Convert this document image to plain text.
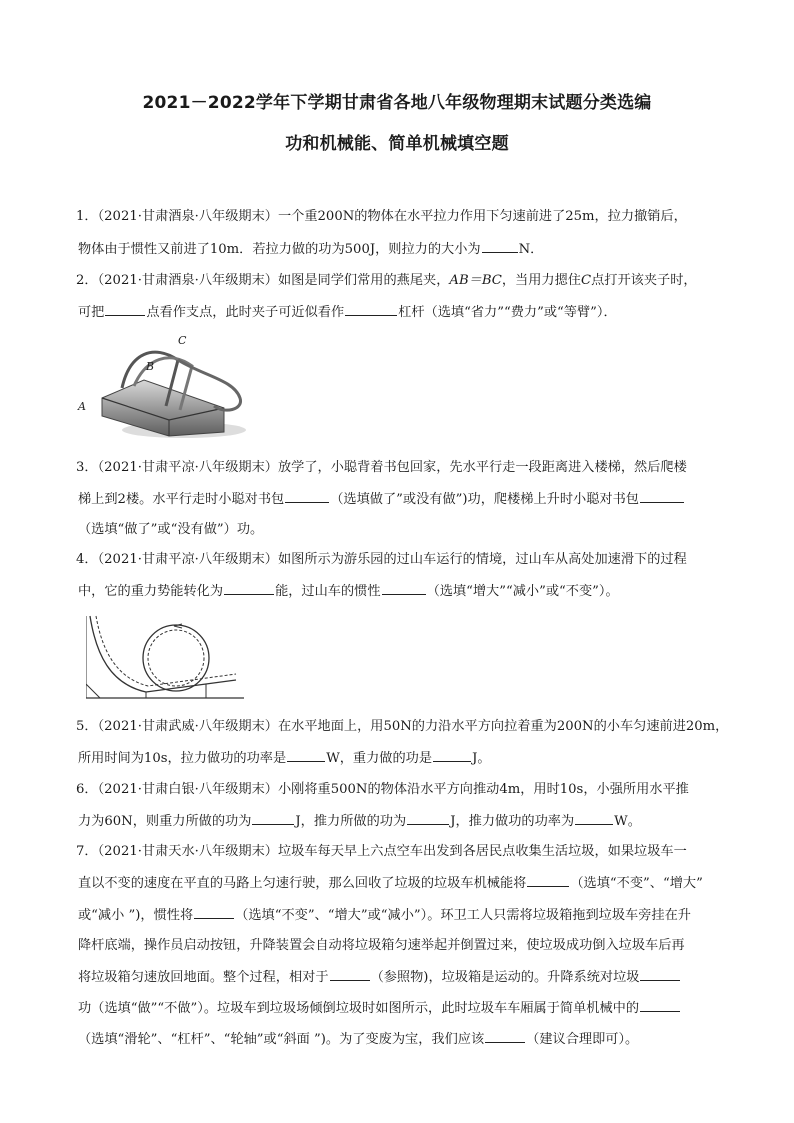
2021－2022学年下学期甘肃省各地八年级物理期末试题分类选编
功和机械能、简单机械填空题
1．（2021·甘肃酒泉·八年级期末）一个重200N的物体在水平拉力作用下匀速前进了25m，拉力撤销后，
物体由于惯性又前进了10m．若拉力做的功为500J，则拉力的大小为	N．
2．（2021·甘肃酒泉·八年级期末）如图是同学们常用的燕尾夹，AB＝BC，当用力摁住C点打开该夹子时，
可把	点看作支点，此时夹子可近似看作	杠杆（选填“省力”“费力”或“等臂”）．
C
B
A
3．（2021·甘肃平凉·八年级期末）放学了，小聪背着书包回家，先水平行走一段距离进入楼梯，然后爬楼
梯上到2楼。水平行走时小聪对书包	（选填做了”或没有做”)功，爬楼梯上升时小聪对书包
（选填“做了”或“没有做”）功。
4．（2021·甘肃平凉·八年级期末）如图所示为游乐园的过山车运行的情境，过山车从高处加速滑下的过程
中，它的重力势能转化为	能，过山车的惯性	（选填“增大”“减小”或“不变”）。
5．（2021·甘肃武威·八年级期末）在水平地面上，用50N的力沿水平方向拉着重为200N的小车匀速前进20m，
所用时间为10s，拉力做功的功率是	W，重力做的功是	J。
6．（2021·甘肃白银·八年级期末）小刚将重500N的物体沿水平方向推动4m，用时10s，小强所用水平推
力为60N，则重力所做的功为	J，推力所做的功为	J，推力做功的功率为	W。
7．（2021·甘肃天水·八年级期末）垃圾车每天早上六点空车出发到各居民点收集生活垃圾，如果垃圾车一
直以不变的速度在平直的马路上匀速行驶，那么回收了垃圾的垃圾车机械能将	（选填“不变”、“增大”
或“减小 ”)，惯性将	（选填“不变”、“增大”或“减小”）。环卫工人只需将垃圾箱拖到垃圾车旁挂在升
降杆底端，操作员启动按钮，升降装置会自动将垃圾箱匀速举起并倒置过来，使垃圾成功倒入垃圾车后再
将垃圾箱匀速放回地面。整个过程，相对于	（参照物)，垃圾箱是运动的。升降系统对垃圾
功（选填“做”“不做”）。垃圾车到垃圾场倾倒垃圾时如图所示，此时垃圾车车厢属于简单机械中的
（选填“滑轮”、“杠杆”、“轮轴”或“斜面 ”)。为了变废为宝，我们应该	（建议合理即可）。
